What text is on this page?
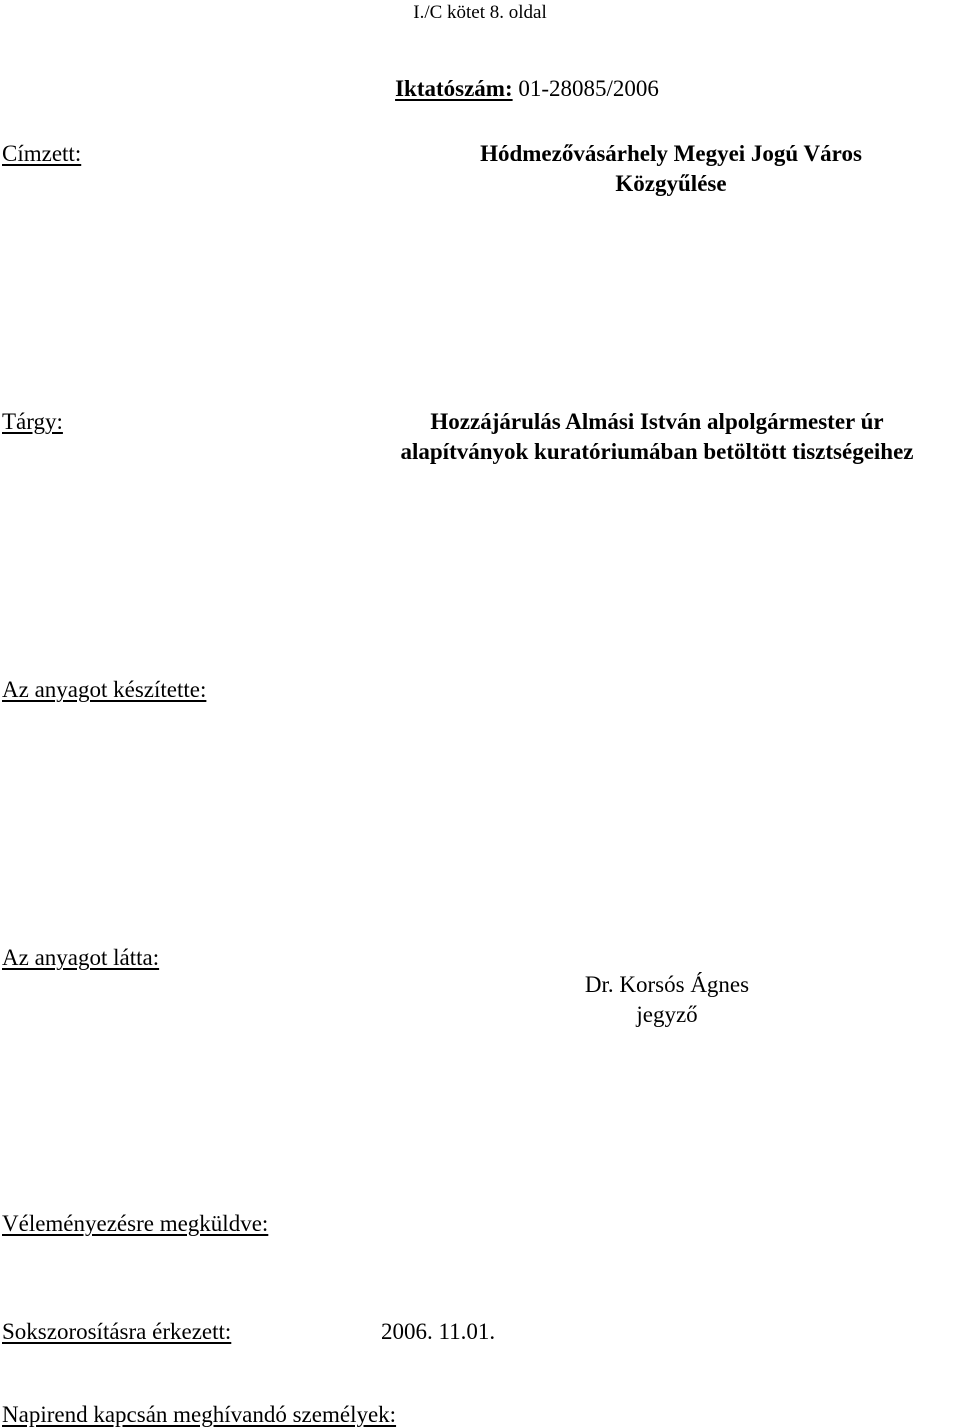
I./C kötet 8. oldal
Iktatószám: 01-28085/2006
Címzett:	Hódmezővásárhely Megyei Jogú Város
Közgyűlése
Tárgy:	Hozzájárulás Almási István alpolgármester úr
alapítványok kuratóriumában betöltött tisztségeihez
Az anyagot készítette:
Az anyagot látta:
Dr. Korsós Ágnes
jegyző
Véleményezésre megküldve:
Sokszorosításra érkezett:	2006. 11.01.
Napirend kapcsán meghívandó személyek:
